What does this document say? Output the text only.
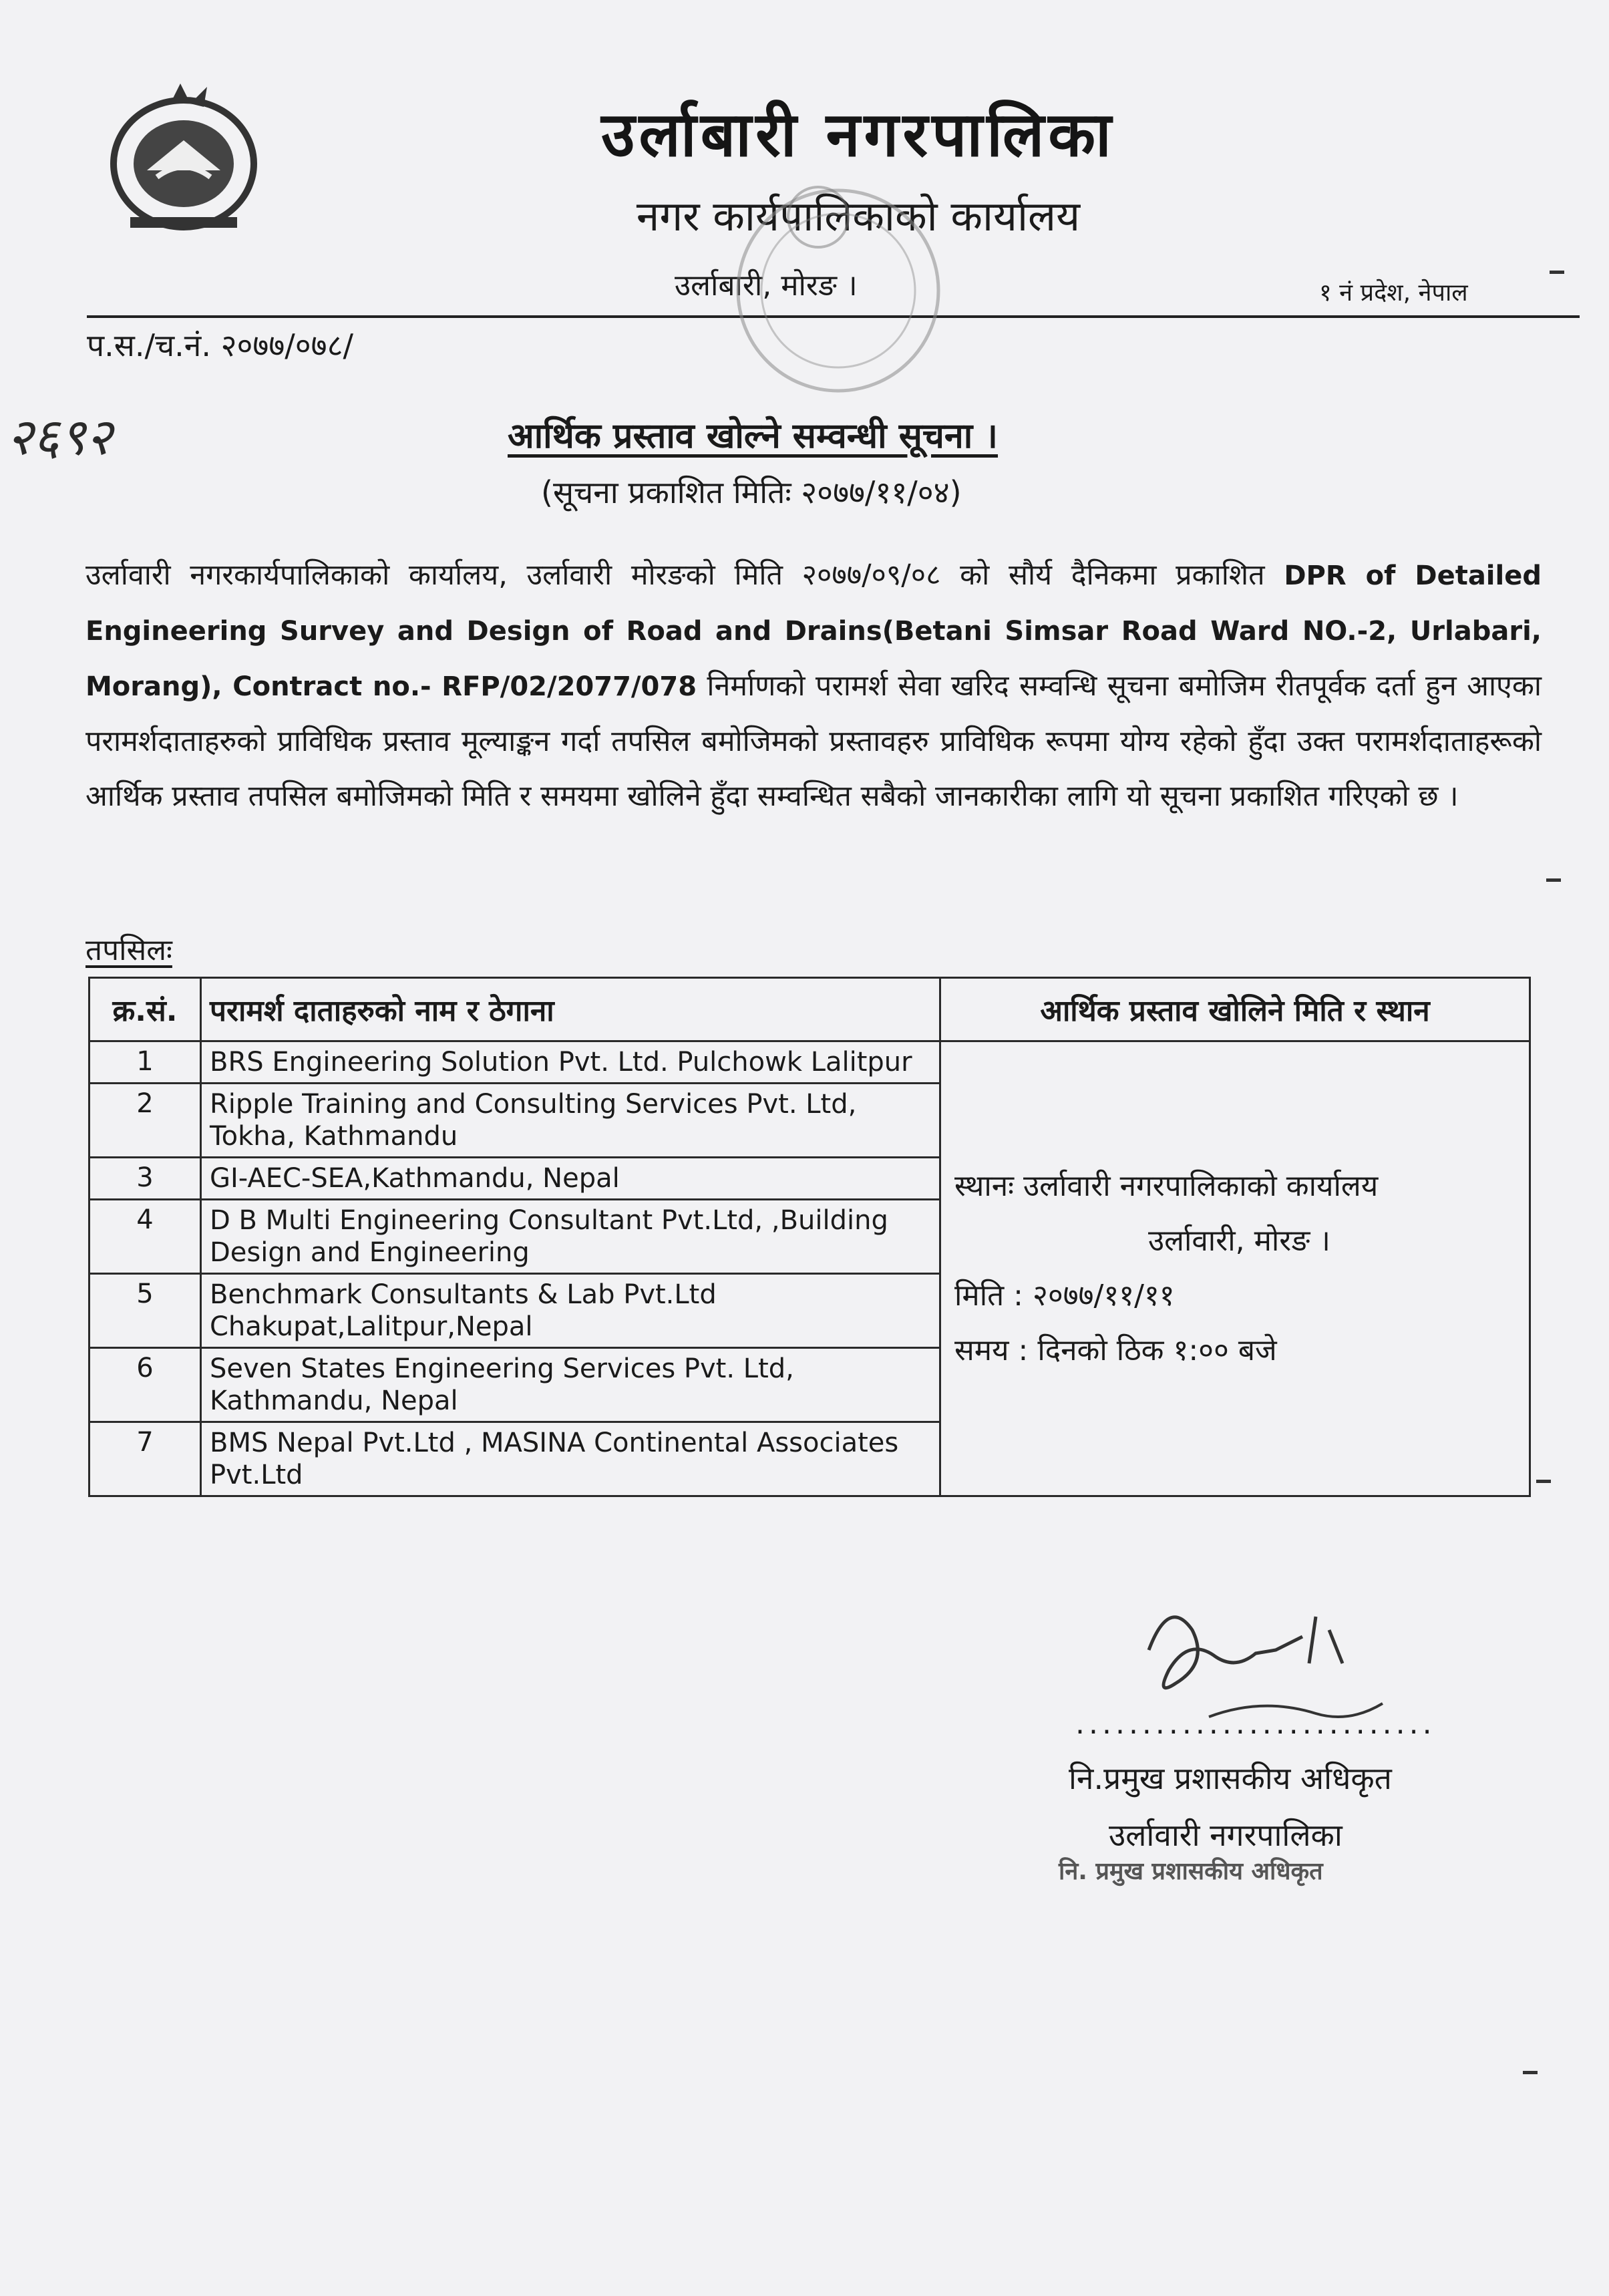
उर्लाबारी नगरपालिका
नगर कार्यपालिकाको कार्यालय
उर्लाबारी, मोरङ ।	१ नं प्रदेश, नेपाल
प.स./च.नं. २०७७/०७८/
२६९२	आर्थिक प्रस्ताव खोल्ने सम्वन्धी सूचना ।
(सूचना प्रकाशित मितिः २०७७/११/०४)
उर्लावारी नगरकार्यपालिकाको कार्यालय, उर्लावारी मोरङको मिति २०७७/०९/०८ को सौर्य दैनिकमा प्रकाशित DPR of Detailed Engineering Survey and Design of Road and Drains(Betani Simsar Road Ward NO.-2, Urlabari, Morang), Contract no.- RFP/02/2077/078 निर्माणको परामर्श सेवा खरिद सम्वन्धि सूचना बमोजिम रीतपूर्वक दर्ता हुन आएका परामर्शदाताहरुको प्राविधिक प्रस्ताव मूल्याङ्कन गर्दा तपसिल बमोजिमको प्रस्तावहरु प्राविधिक रूपमा योग्य रहेको हुँदा उक्त परामर्शदाताहरूको आर्थिक प्रस्ताव तपसिल बमोजिमको मिति र समयमा खोलिने हुँदा सम्वन्धित सबैको जानकारीका लागि यो सूचना प्रकाशित गरिएको छ ।
तपसिलः
क्र.सं.	परामर्श दाताहरुको नाम र ठेगाना	आर्थिक प्रस्ताव खोलिने मिति र स्थान
1	BRS Engineering Solution Pvt. Ltd. Pulchowk Lalitpur	स्थानः उर्लावारी नगरपालिकाको कार्यालय
उर्लावारी, मोरङ ।
मिति : २०७७/११/११
समय : दिनको ठिक १:०० बजे

2	Ripple Training and Consulting Services Pvt. Ltd, Tokha, Kathmandu	
3	GI-AEC-SEA,Kathmandu, Nepal	
4	D B Multi Engineering Consultant Pvt.Ltd, ,Building Design and Engineering	
5	Benchmark Consultants & Lab Pvt.Ltd Chakupat,Lalitpur,Nepal	
6	Seven States Engineering Services Pvt. Ltd, Kathmandu, Nepal	
7	BMS Nepal Pvt.Ltd , MASINA Continental Associates Pvt.Ltd	
...........................
नि.प्रमुख प्रशासकीय अधिकृत
उर्लावारी नगरपालिका
नि. प्रमुख प्रशासकीय अधिकृत
